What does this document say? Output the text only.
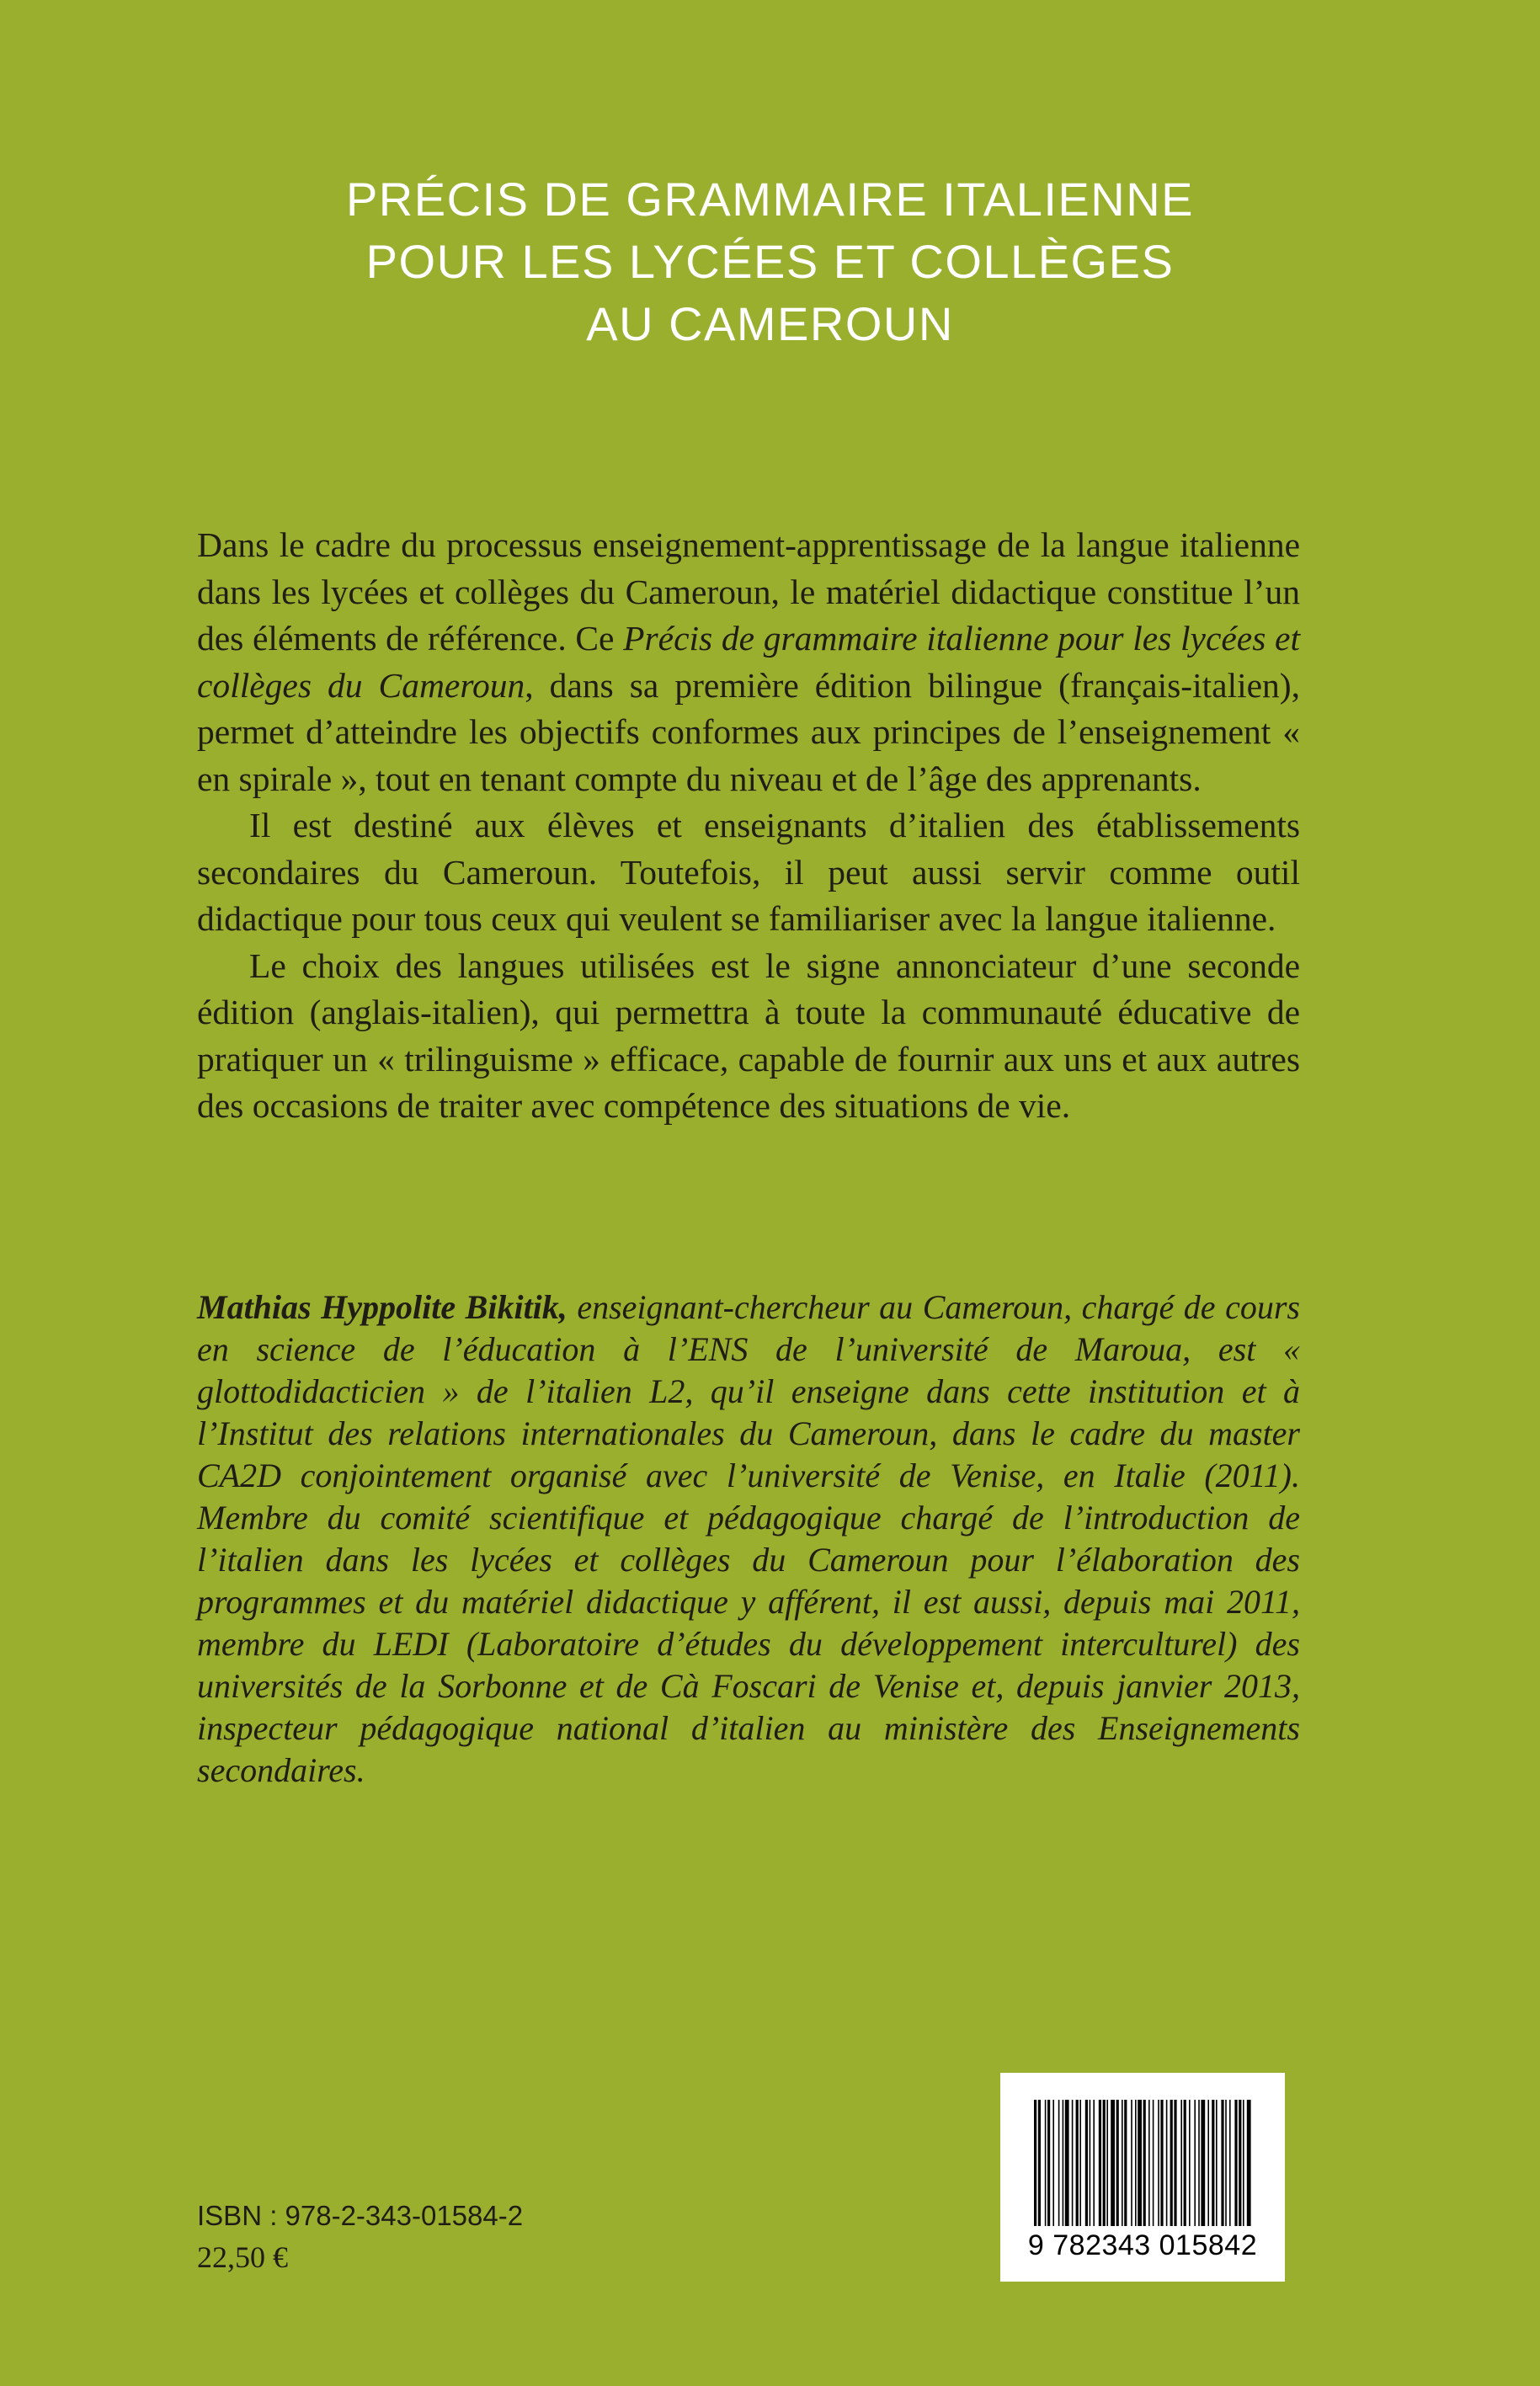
PRÉCIS DE GRAMMAIRE ITALIENNE
POUR LES LYCÉES ET COLLÈGES
AU CAMEROUN

Dans le cadre du processus enseignement-apprentissage de la langue italienne dans les lycées et collèges du Cameroun, le matériel didactique constitue l’un des éléments de référence. Ce Précis de grammaire italienne pour les lycées et collèges du Cameroun, dans sa première édition bilingue (français-italien), permet d’atteindre les objectifs conformes aux principes de l’enseignement « en spirale », tout en tenant compte du niveau et de l’âge des apprenants.

Il est destiné aux élèves et enseignants d’italien des établissements secondaires du Cameroun. Toutefois, il peut aussi servir comme outil didactique pour tous ceux qui veulent se familiariser avec la langue italienne.

Le choix des langues utilisées est le signe annonciateur d’une seconde édition (anglais-italien), qui permettra à toute la communauté éducative de pratiquer un « trilinguisme » efficace, capable de fournir aux uns et aux autres des occasions de traiter avec compétence des situations de vie.

Mathias Hyppolite Bikitik, enseignant-chercheur au Cameroun, chargé de cours en science de l’éducation à l’ENS de l’université de Maroua, est « glottodidacticien » de l’italien L2, qu’il enseigne dans cette institution et à l’Institut des relations internationales du Cameroun, dans le cadre du master CA2D conjointement organisé avec l’université de Venise, en Italie (2011). Membre du comité scientifique et pédagogique chargé de l’introduction de l’italien dans les lycées et collèges du Cameroun pour l’élaboration des programmes et du matériel didactique y afférent, il est aussi, depuis mai 2011, membre du LEDI (Laboratoire d’études du développement interculturel) des universités de la Sorbonne et de Cà Foscari de Venise et, depuis janvier 2013, inspecteur pédagogique national d’italien au ministère des Enseignements secondaires.
ISBN : 978-2-343-01584-2
22,50 €	9 782343 015842
